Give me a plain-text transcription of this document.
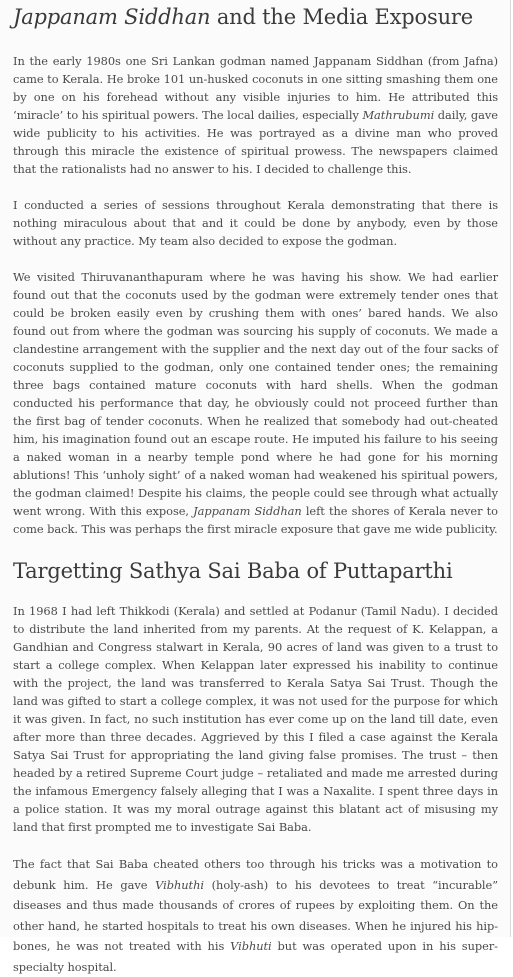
Jappanam Siddhan and the Media Exposure

In the early 1980s one Sri Lankan godman named Jappanam Siddhan (from Jafna) came to Kerala. He broke 101 un-husked coconuts in one sitting smashing them one by one on his forehead without any visible injuries to him. He attributed this ‘miracle’ to his spiritual powers. The local dailies, especially Mathrubumi daily, gave wide publicity to his activities. He was portrayed as a divine man who proved through this miracle the existence of spiritual prowess. The newspapers claimed that the rationalists had no answer to his. I decided to challenge this.

I conducted a series of sessions throughout Kerala demonstrating that there is nothing miraculous about that and it could be done by anybody, even by those without any practice. My team also decided to expose the godman.

We visited Thiruvananthapuram where he was having his show. We had earlier found out that the coconuts used by the godman were extremely tender ones that could be broken easily even by crushing them with ones’ bared hands. We also found out from where the godman was sourcing his supply of coconuts. We made a clandestine arrangement with the supplier and the next day out of the four sacks of coconuts supplied to the godman, only one contained tender ones; the remaining three bags contained mature coconuts with hard shells. When the godman conducted his performance that day, he obviously could not proceed further than the first bag of tender coconuts. When he realized that somebody had out-cheated him, his imagination found out an escape route. He imputed his failure to his seeing a naked woman in a nearby temple pond where he had gone for his morning ablutions! This ‘unholy sight’ of a naked woman had weakened his spiritual powers, the godman claimed! Despite his claims, the people could see through what actually went wrong. With this expose, Jappanam Siddhan left the shores of Kerala never to come back. This was perhaps the first miracle exposure that gave me wide publicity.

Targetting Sathya Sai Baba of Puttaparthi

In 1968 I had left Thikkodi (Kerala) and settled at Podanur (Tamil Nadu). I decided to distribute the land inherited from my parents. At the request of K. Kelappan, a Gandhian and Congress stalwart in Kerala, 90 acres of land was given to a trust to start a college complex. When Kelappan later expressed his inability to continue with the project, the land was transferred to Kerala Satya Sai Trust. Though the land was gifted to start a college complex, it was not used for the purpose for which it was given. In fact, no such institution has ever come up on the land till date, even after more than three decades. Aggrieved by this I filed a case against the Kerala Satya Sai Trust for appropriating the land giving false promises. The trust – then headed by a retired Supreme Court judge – retaliated and made me arrested during the infamous Emergency falsely alleging that I was a Naxalite. I spent three days in a police station. It was my moral outrage against this blatant act of misusing my land that first prompted me to investigate Sai Baba.

The fact that Sai Baba cheated others too through his tricks was a motivation to debunk him. He gave Vibhuthi (holy-ash) to his devotees to treat “incurable” diseases and thus made thousands of crores of rupees by exploiting them. On the other hand, he started hospitals to treat his own diseases. When he injured his hip-bones, he was not treated with his Vibhuti but was operated upon in his super-specialty hospital.
